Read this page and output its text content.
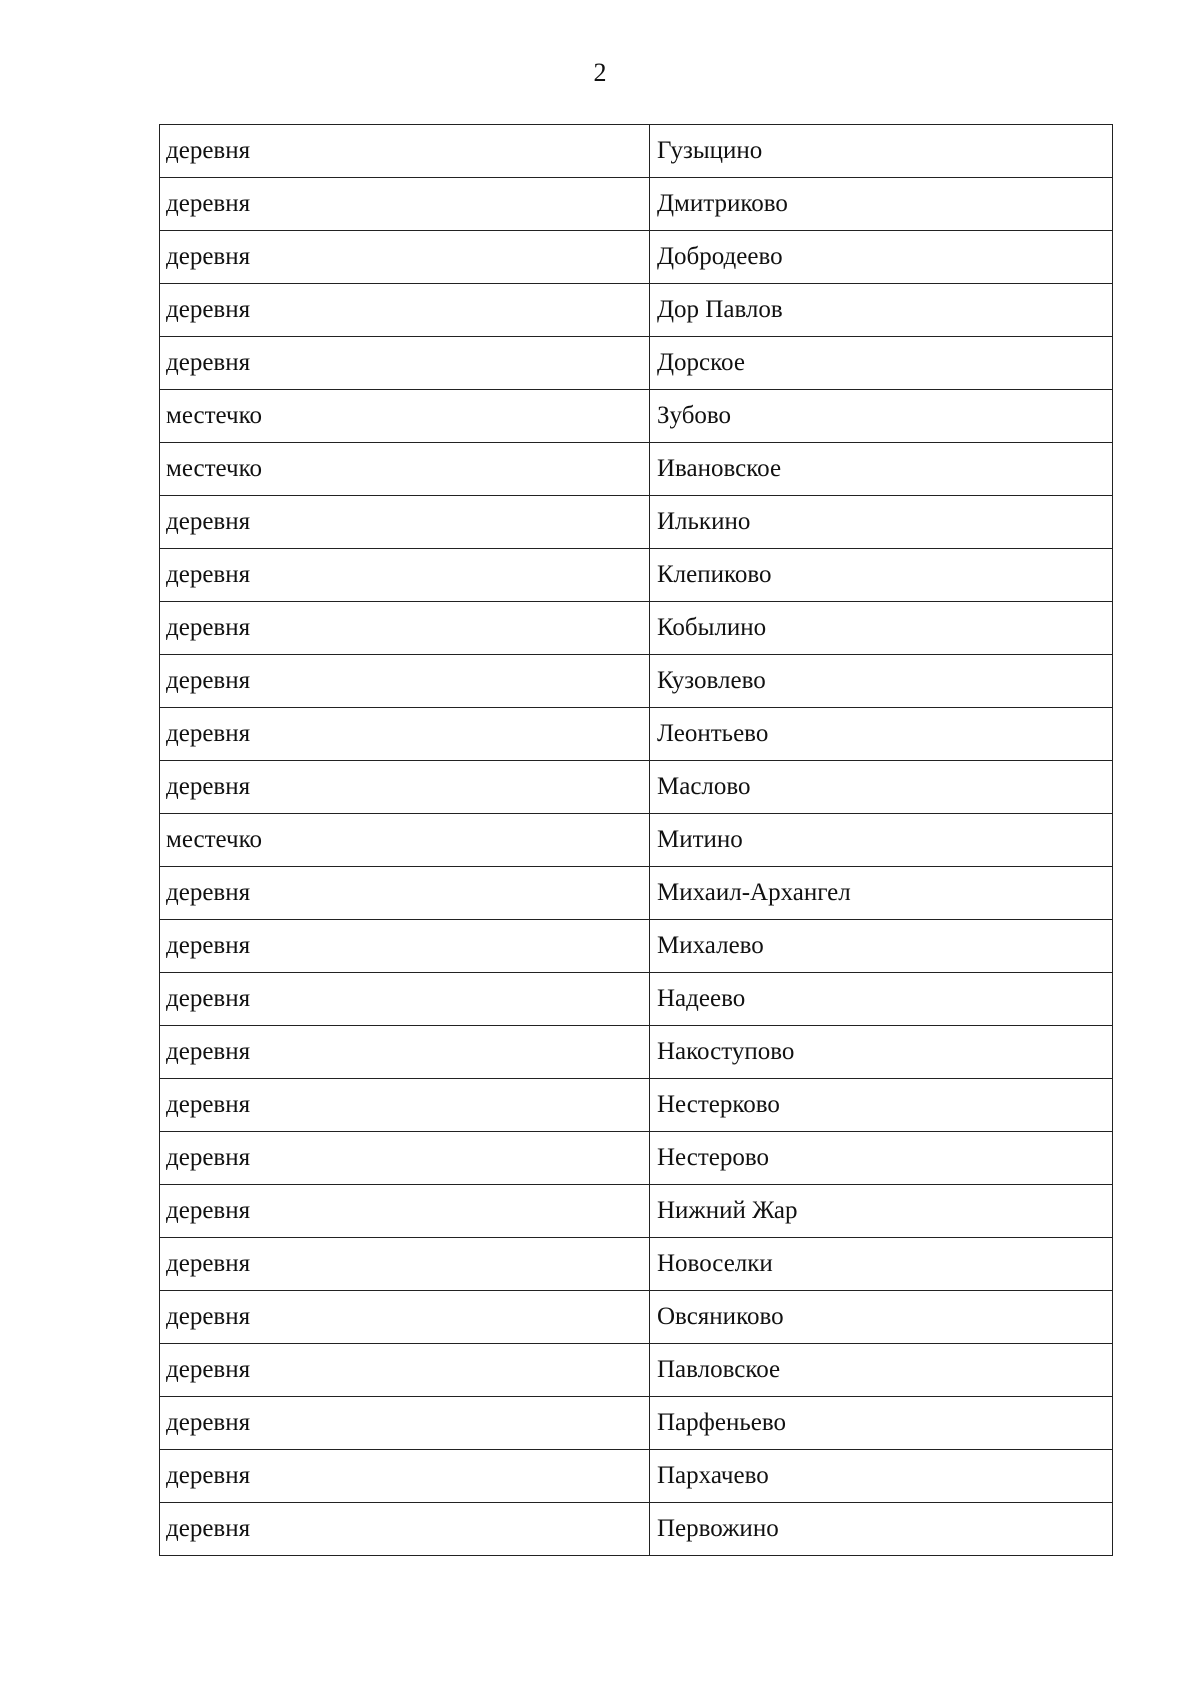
2
деревня	Гузыцино
деревня	Дмитриково
деревня	Добродеево
деревня	Дор Павлов
деревня	Дорское
местечко	Зубово
местечко	Ивановское
деревня	Илькино
деревня	Клепиково
деревня	Кобылино
деревня	Кузовлево
деревня	Леонтьево
деревня	Маслово
местечко	Митино
деревня	Михаил-Архангел
деревня	Михалево
деревня	Надеево
деревня	Накоступово
деревня	Нестерково
деревня	Нестерово
деревня	Нижний Жар
деревня	Новоселки
деревня	Овсяниково
деревня	Павловское
деревня	Парфеньево
деревня	Пархачево
деревня	Первожино
